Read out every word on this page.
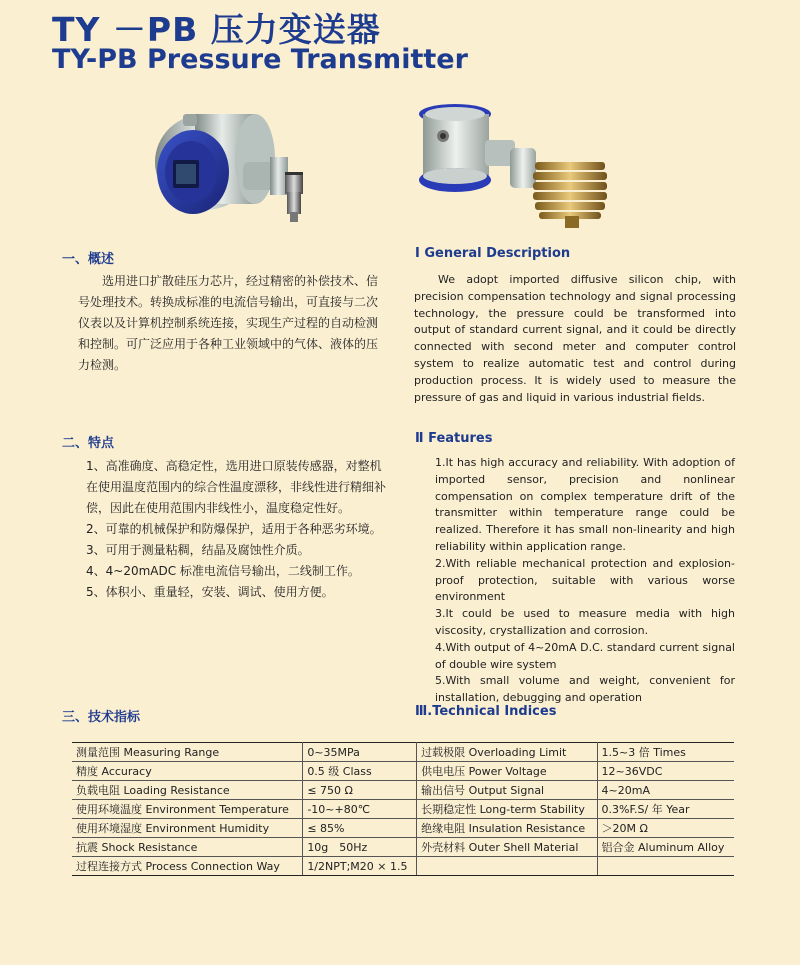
TY －PB 压力变送器
TY-PB Pressure Transmitter
一、概述	Ⅰ General Description

选用进口扩散硅压力芯片，经过精密的补偿技术、信号处理技术。转换成标准的电流信号输出，可直接与二次仪表以及计算机控制系统连接，实现生产过程的自动检测和控制。可广泛应用于各种工业领域中的气体、液体的压力检测。

We adopt imported diffusive silicon chip, with precision compensation technology and signal processing technology, the pressure could be transformed into output of standard current signal, and it could be directly connected with second meter and computer control system to realize automatic test and control during production process. It is widely used to measure the pressure of gas and liquid in various industrial fields.

二、特点	Ⅱ Features

1、高准确度、高稳定性，选用进口原装传感器，对整机在使用温度范围内的综合性温度漂移，非线性进行精细补偿，因此在使用范围内非线性小，温度稳定性好。

2、可靠的机械保护和防爆保护，适用于各种恶劣环境。

3、可用于测量粘稠，结晶及腐蚀性介质。

4、4~20mADC 标准电流信号输出，二线制工作。

5、体积小、重量轻，安装、调试、使用方便。

1.It has high accuracy and reliability. With adoption of imported sensor, precision and nonlinear compensation on complex temperature drift of the transmitter within temperature range could be realized. Therefore it has small non-linearity and high reliability within application range.

2.With reliable mechanical protection and explosion-proof protection, suitable with various worse environment

3.It could be used to measure media with high viscosity, crystallization and corrosion.

4.With output of 4~20mA D.C. standard current signal of double wire system

5.With small volume and weight, convenient for installation, debugging and operation

三、技术指标	Ⅲ.Technical Indices
测量范围 Measuring Range	0~35MPa	过载极限 Overloading Limit	1.5~3 倍 Times
精度 Accuracy	0.5 级 Class	供电电压 Power Voltage	12~36VDC
负载电阻 Loading Resistance	≤ 750 Ω	输出信号 Output Signal	4~20mA
使用环境温度 Environment Temperature	-10~+80℃	长期稳定性 Long-term Stability	0.3%F.S/ 年 Year
使用环境湿度 Environment Humidity	≤ 85%	绝缘电阻 Insulation Resistance	＞20M Ω
抗震 Shock Resistance	10g　50Hz	外壳材料 Outer Shell Material	铝合金 Aluminum Alloy
过程连接方式 Process Connection Way	1/2NPT;M20 × 1.5		
